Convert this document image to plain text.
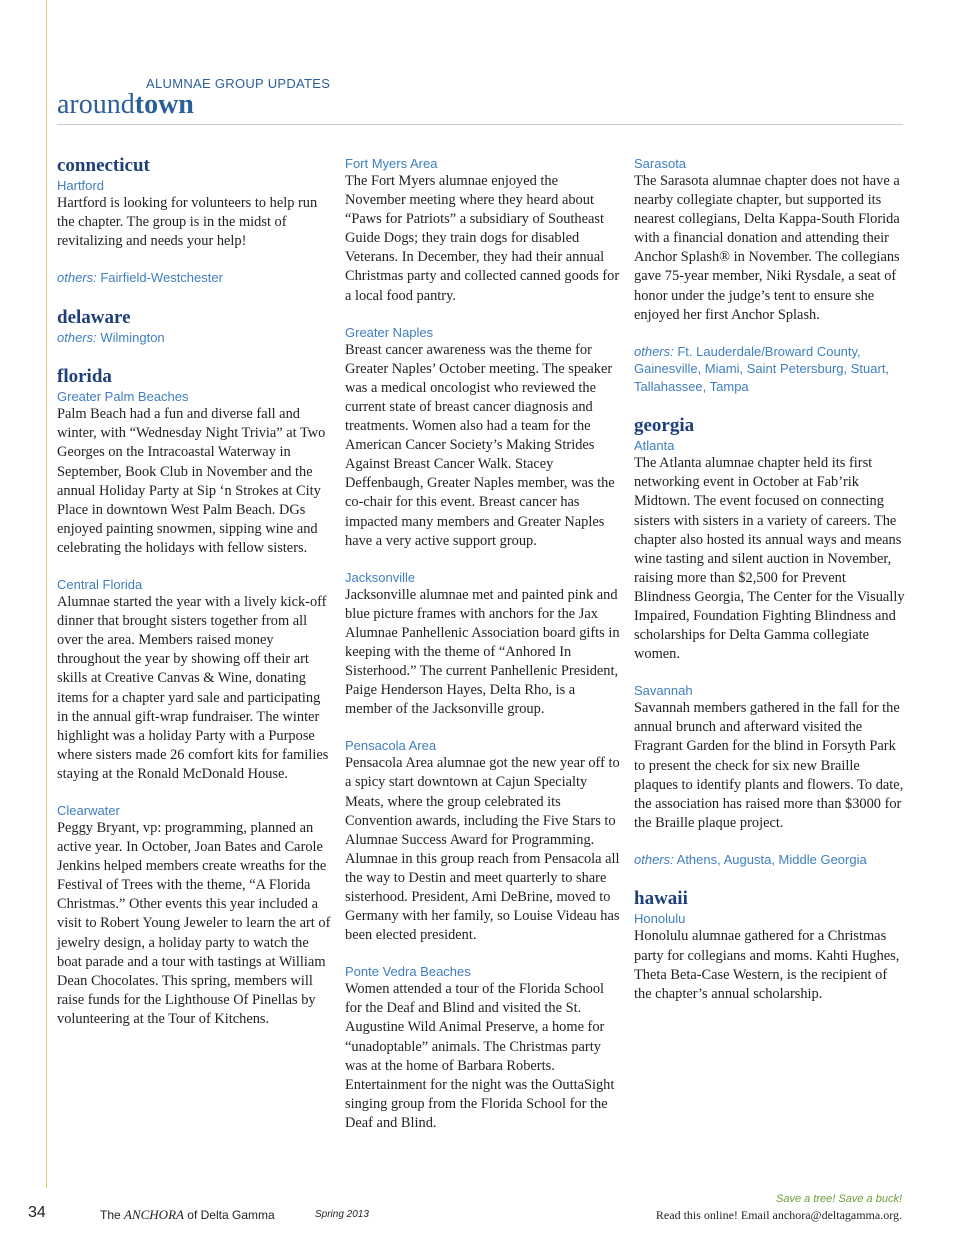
ALUMNAE GROUP UPDATES
aroundtown
connecticut
Hartford

Hartford is looking for volunteers to help run the chapter. The group is in the midst of revitalizing and needs your help!

others: Fairfield-Westchester

delaware

others: Wilmington

florida
Greater Palm Beaches

Palm Beach had a fun and diverse fall and winter, with “Wednesday Night Trivia” at Two Georges on the Intracoastal Waterway in September, Book Club in November and the annual Holiday Party at Sip ‘n Strokes at City Place in downtown West Palm Beach. DGs enjoyed painting snowmen, sipping wine and celebrating the holidays with fellow sisters.

Central Florida

Alumnae started the year with a lively kick-off dinner that brought sisters together from all over the area. Members raised money throughout the year by showing off their art skills at Creative Canvas & Wine, donating items for a chapter yard sale and participating in the annual gift-wrap fundraiser. The winter highlight was a holiday Party with a Purpose where sisters made 26 comfort kits for families staying at the Ronald McDonald House.

Clearwater

Peggy Bryant, vp: programming, planned an active year. In October, Joan Bates and Carole Jenkins helped members create wreaths for the Festival of Trees with the theme, “A Florida Christmas.” Other events this year included a visit to Robert Young Jeweler to learn the art of jewelry design, a holiday party to watch the boat parade and a tour with tastings at William Dean Chocolates. This spring, members will raise funds for the Lighthouse Of Pinellas by volunteering at the Tour of Kitchens.

Fort Myers Area

The Fort Myers alumnae enjoyed the November meeting where they heard about “Paws for Patriots” a subsidiary of Southeast Guide Dogs; they train dogs for disabled Veterans. In December, they had their annual Christmas party and collected canned goods for a local food pantry.

Greater Naples

Breast cancer awareness was the theme for Greater Naples’ October meeting. The speaker was a medical oncologist who reviewed the current state of breast cancer diagnosis and treatments. Women also had a team for the American Cancer Society’s Making Strides Against Breast Cancer Walk. Stacey Deffenbaugh, Greater Naples member, was the co-chair for this event. Breast cancer has impacted many members and Greater Naples have a very active support group.

Jacksonville

Jacksonville alumnae met and painted pink and blue picture frames with anchors for the Jax Alumnae Panhellenic Association board gifts in keeping with the theme of “Anhored In Sisterhood.” The current Panhellenic President, Paige Henderson Hayes, Delta Rho, is a member of the Jacksonville group.

Pensacola Area

Pensacola Area alumnae got the new year off to a spicy start downtown at Cajun Specialty Meats, where the group celebrated its Convention awards, including the Five Stars to Alumnae Success Award for Programming. Alumnae in this group reach from Pensacola all the way to Destin and meet quarterly to share sisterhood. President, Ami DeBrine, moved to Germany with her family, so Louise Videau has been elected president.

Ponte Vedra Beaches

Women attended a tour of the Florida School for the Deaf and Blind and visited the St. Augustine Wild Animal Preserve, a home for “unadoptable” animals. The Christmas party was at the home of Barbara Roberts. Entertainment for the night was the OuttaSight singing group from the Florida School for the Deaf and Blind.

Sarasota

The Sarasota alumnae chapter does not have a nearby collegiate chapter, but supported its nearest collegians, Delta Kappa-South Florida with a financial donation and attending their Anchor Splash® in November. The collegians gave 75-year member, Niki Rysdale, a seat of honor under the judge’s tent to ensure she enjoyed her first Anchor Splash.

others: Ft. Lauderdale/Broward County, Gainesville, Miami, Saint Petersburg, Stuart, Tallahassee, Tampa

georgia
Atlanta

The Atlanta alumnae chapter held its first networking event in October at Fab’rik Midtown. The event focused on connecting sisters with sisters in a variety of careers. The chapter also hosted its annual ways and means wine tasting and silent auction in November, raising more than $2,500 for Prevent Blindness Georgia, The Center for the Visually Impaired, Foundation Fighting Blindness and scholarships for Delta Gamma collegiate women.

Savannah

Savannah members gathered in the fall for the annual brunch and afterward visited the Fragrant Garden for the blind in Forsyth Park to present the check for six new Braille plaques to identify plants and flowers. To date, the association has raised more than $3000 for the Braille plaque project.

others: Athens, Augusta, Middle Georgia

hawaii
Honolulu

Honolulu alumnae gathered for a Christmas party for collegians and moms. Kahti Hughes, Theta Beta-Case Western, is the recipient of the chapter’s annual scholarship.

34	The ANCHORA of Delta Gamma	Spring 2013
Save a tree! Save a buck!
Read this online! Email anchora@deltagamma.org.
